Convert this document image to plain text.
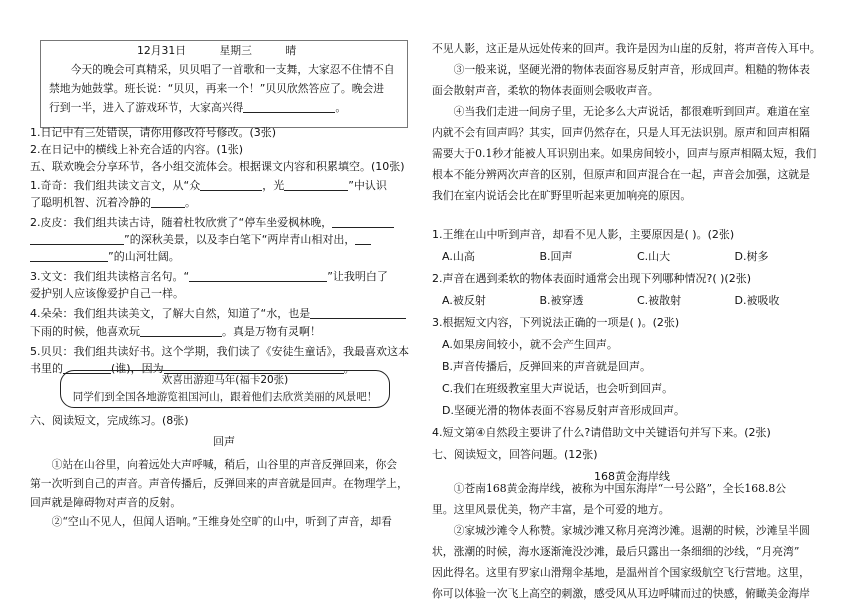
12月31日	星期三	晴
今天的晚会可真精采，贝贝唱了一首歌和一支舞，大家忍不住情不自
禁地为她鼓掌。班长说：“贝贝，再来一个！”贝贝欣然答应了。晚会进
行到一半，进入了游戏环节，大家高兴得	。

1.日记中有三处错误，请你用修改符号修改。(3张)

2.在日记中的横线上补充合适的内容。(1张)

五、联欢晚会分享环节，各小组交流体会。根据课文内容和积累填空。(10张)

1.奇奇：我们组共读文言文，从“众	，光	”中认识

了聪明机智、沉着冷静的	。

2.皮皮：我们组共读古诗，随着杜牧欣赏了“停车坐爱枫林晚，

”的深秋美景，以及李白笔下“两岸青山相对出，

”的山河壮阔。

3.文文：我们组共读格言名句。“	”让我明白了

爱护别人应该像爱护自己一样。

4.朵朵：我们组共读美文，了解大自然，知道了“水，也是

下雨的时候，他喜欢玩	。真是万物有灵啊！

5.贝贝：我们组共读好书。这个学期，我们读了《安徒生童话》，我最喜欢这本

书里的	(谁)，因为	。

欢喜出游迎马年(福卡20张)
同学们到全国各地游览祖国河山，跟着他们去欣赏美丽的风景吧！

六、阅读短文，完成练习。(8张)

回声

①站在山谷里，向着远处大声呼喊，稍后，山谷里的声音反弹回来，你会

第一次听到自己的声音。声音传播后，反弹回来的声音就是回声。在物理学上，

回声就是障碍物对声音的反射。

②“空山不见人，但闻人语响。”王维身处空旷的山中，听到了声音，却看

不见人影，这正是从远处传来的回声。我许是因为山崖的反射，将声音传入耳中。

③一般来说，坚硬光滑的物体表面容易反射声音，形成回声。粗糙的物体表

面会散射声音，柔软的物体表面则会吸收声音。

④当我们走进一间房子里，无论多么大声说话，都很难听到回声。难道在室

内就不会有回声吗？其实，回声仍然存在，只是人耳无法识别。原声和回声相隔

需要大于0.1秒才能被人耳识别出来。如果房间较小，回声与原声相隔太短，我们

根本不能分辨两次声音的区别，但原声和回声混合在一起，声音会加强，这就是

我们在室内说话会比在旷野里听起来更加响亮的原因。

1.王维在山中听到声音，却看不见人影，主要原因是( )。(2张)

A.山高	B.回声	C.山大	D.树多

2.声音在遇到柔软的物体表面时通常会出现下列哪种情况?( )(2张)

A.被反射	B.被穿透	C.被散射	D.被吸收

3.根据短文内容，下列说法正确的一项是( )。(2张)

A.如果房间较小，就不会产生回声。

B.声音传播后，反弹回来的声音就是回声。

C.我们在班级教室里大声说话，也会听到回声。

D.坚硬光滑的物体表面不容易反射声音形成回声。

4.短文第④自然段主要讲了什么?请借助文中关键语句并写下来。(2张)

七、阅读短文，回答问题。(12张)

168黄金海岸线

①苍南168黄金海岸线，被称为中国东海岸“一号公路”，全长168.8公

里。这里风景优美，物产丰富，是个可爱的地方。

②家城沙滩令人称赞。家城沙滩又称月亮湾沙滩。退潮的时候，沙滩呈半圆

状，涨潮的时候，海水逐渐淹没沙滩，最后只露出一条细细的沙线，“月亮湾”

因此得名。这里有罗家山滑翔伞基地，是温州首个国家级航空飞行营地。这里，

你可以体验一次飞上高空的刺激，感受风从耳边呼啸而过的快感，俯瞰美金海岸
